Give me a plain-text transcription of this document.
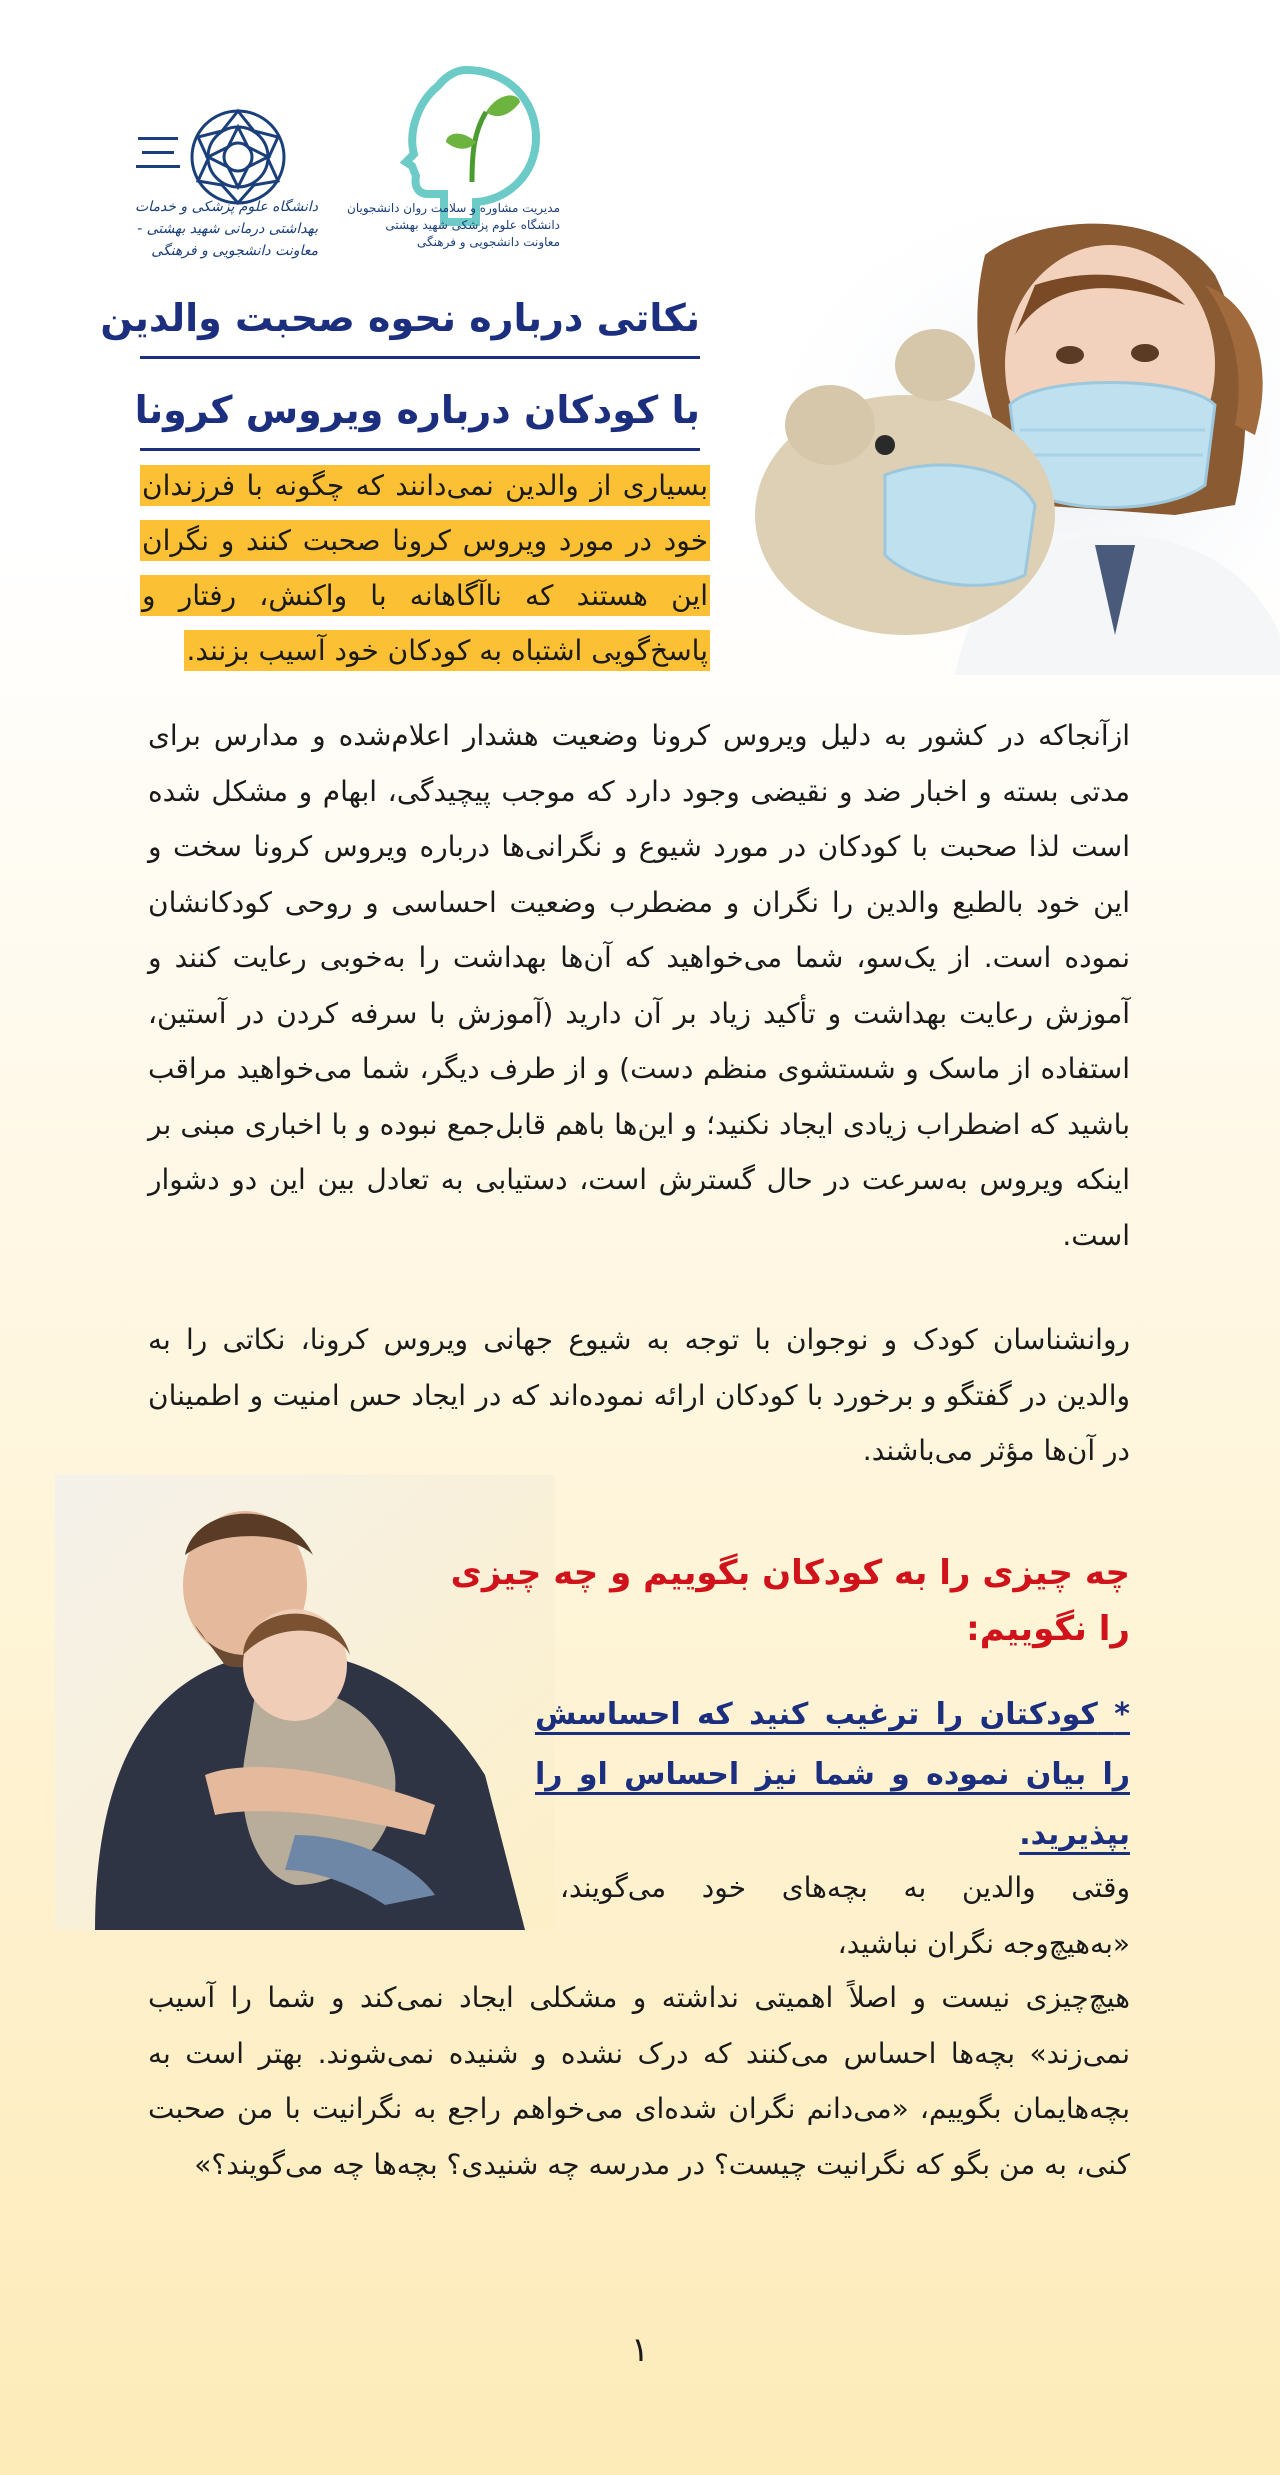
دانشگاه علوم پزشکی و خدمات بهداشتی درمانی شهید بهشتی - معاونت دانشجویی و فرهنگی
مدیریت مشاوره و سلامت روان دانشجویان
دانشگاه علوم پزشکی شهید بهشتی
معاونت دانشجویی و فرهنگی
نکاتی درباره نحوه صحبت والدین
با کودکان درباره ویروس کرونا
بسیاری از والدین نمی‌دانند که چگونه با فرزندان خود در مورد ویروس کرونا صحبت کنند و نگران این هستند که ناآگاهانه با واکنش، رفتار و پاسخ‌گویی اشتباه به کودکان خود آسیب بزنند.

ازآنجاکه در کشور به دلیل ویروس کرونا وضعیت هشدار اعلام‌شده و مدارس برای مدتی بسته و اخبار ضد و نقیضی وجود دارد که موجب پیچیدگی، ابهام و مشکل شده است لذا صحبت با کودکان در مورد شیوع و نگرانی‌ها درباره ویروس کرونا سخت و این خود بالطبع والدین را نگران و مضطرب وضعیت احساسی و روحی کودکانشان نموده است. از یک‌سو، شما می‌خواهید که آن‌ها بهداشت را به‌خوبی رعایت کنند و آموزش رعایت بهداشت و تأکید زیاد بر آن دارید (آموزش با سرفه کردن در آستین، استفاده از ماسک و شستشوی منظم دست) و از طرف دیگر، شما می‌خواهید مراقب باشید که اضطراب زیادی ایجاد نکنید؛ و این‌ها باهم قابل‌جمع نبوده و با اخباری مبنی بر اینکه ویروس به‌سرعت در حال گسترش است، دستیابی به تعادل بین این دو دشوار است.

روانشناسان کودک و نوجوان با توجه به شیوع جهانی ویروس کرونا، نکاتی را به والدین در گفتگو و برخورد با کودکان ارائه نموده‌اند که در ایجاد حس امنیت و اطمینان در آن‌ها مؤثر می‌باشند.

چه چیزی را به کودکان بگوییم و چه چیزی را نگوییم:

* کودکتان را ترغیب کنید که احساسش را بیان نموده و شما نیز احساس او را بپذیرید.

وقتی والدین به بچه‌های خود می‌گویند، «به‌هیچ‌وجه نگران نباشید،

هیچ‌چیزی نیست و اصلاً اهمیتی نداشته و مشکلی ایجاد نمی‌کند و شما را آسیب نمی‌زند» بچه‌ها احساس می‌کنند که درک نشده و شنیده نمی‌شوند. بهتر است به بچه‌هایمان بگوییم، «می‌دانم نگران شده‌ای می‌خواهم راجع به نگرانیت با من صحبت کنی، به من بگو که نگرانیت چیست؟ در مدرسه چه شنیدی؟ بچه‌ها چه می‌گویند؟»

۱
